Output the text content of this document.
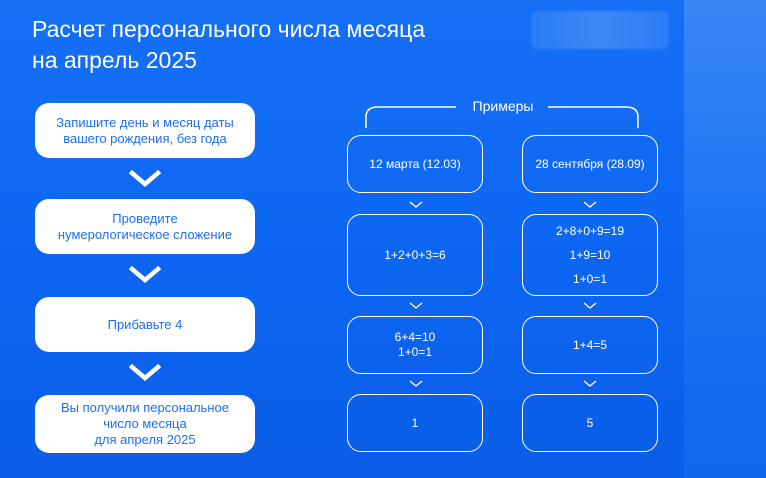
Расчет персонального числа месяца
на апрель 2025
Запишите день и месяц даты
вашего рождения, без года
Проведите
нумерологическое сложение
Прибавьте 4
Вы получили персональное
число месяца
для апреля 2025
Примеры
12 марта (12.03)
1+2+0+3=6
6+4=10
1+0=1
1
28 сентября (28.09)
2+8+0+9=19
1+9=10
1+0=1
1+4=5
5
